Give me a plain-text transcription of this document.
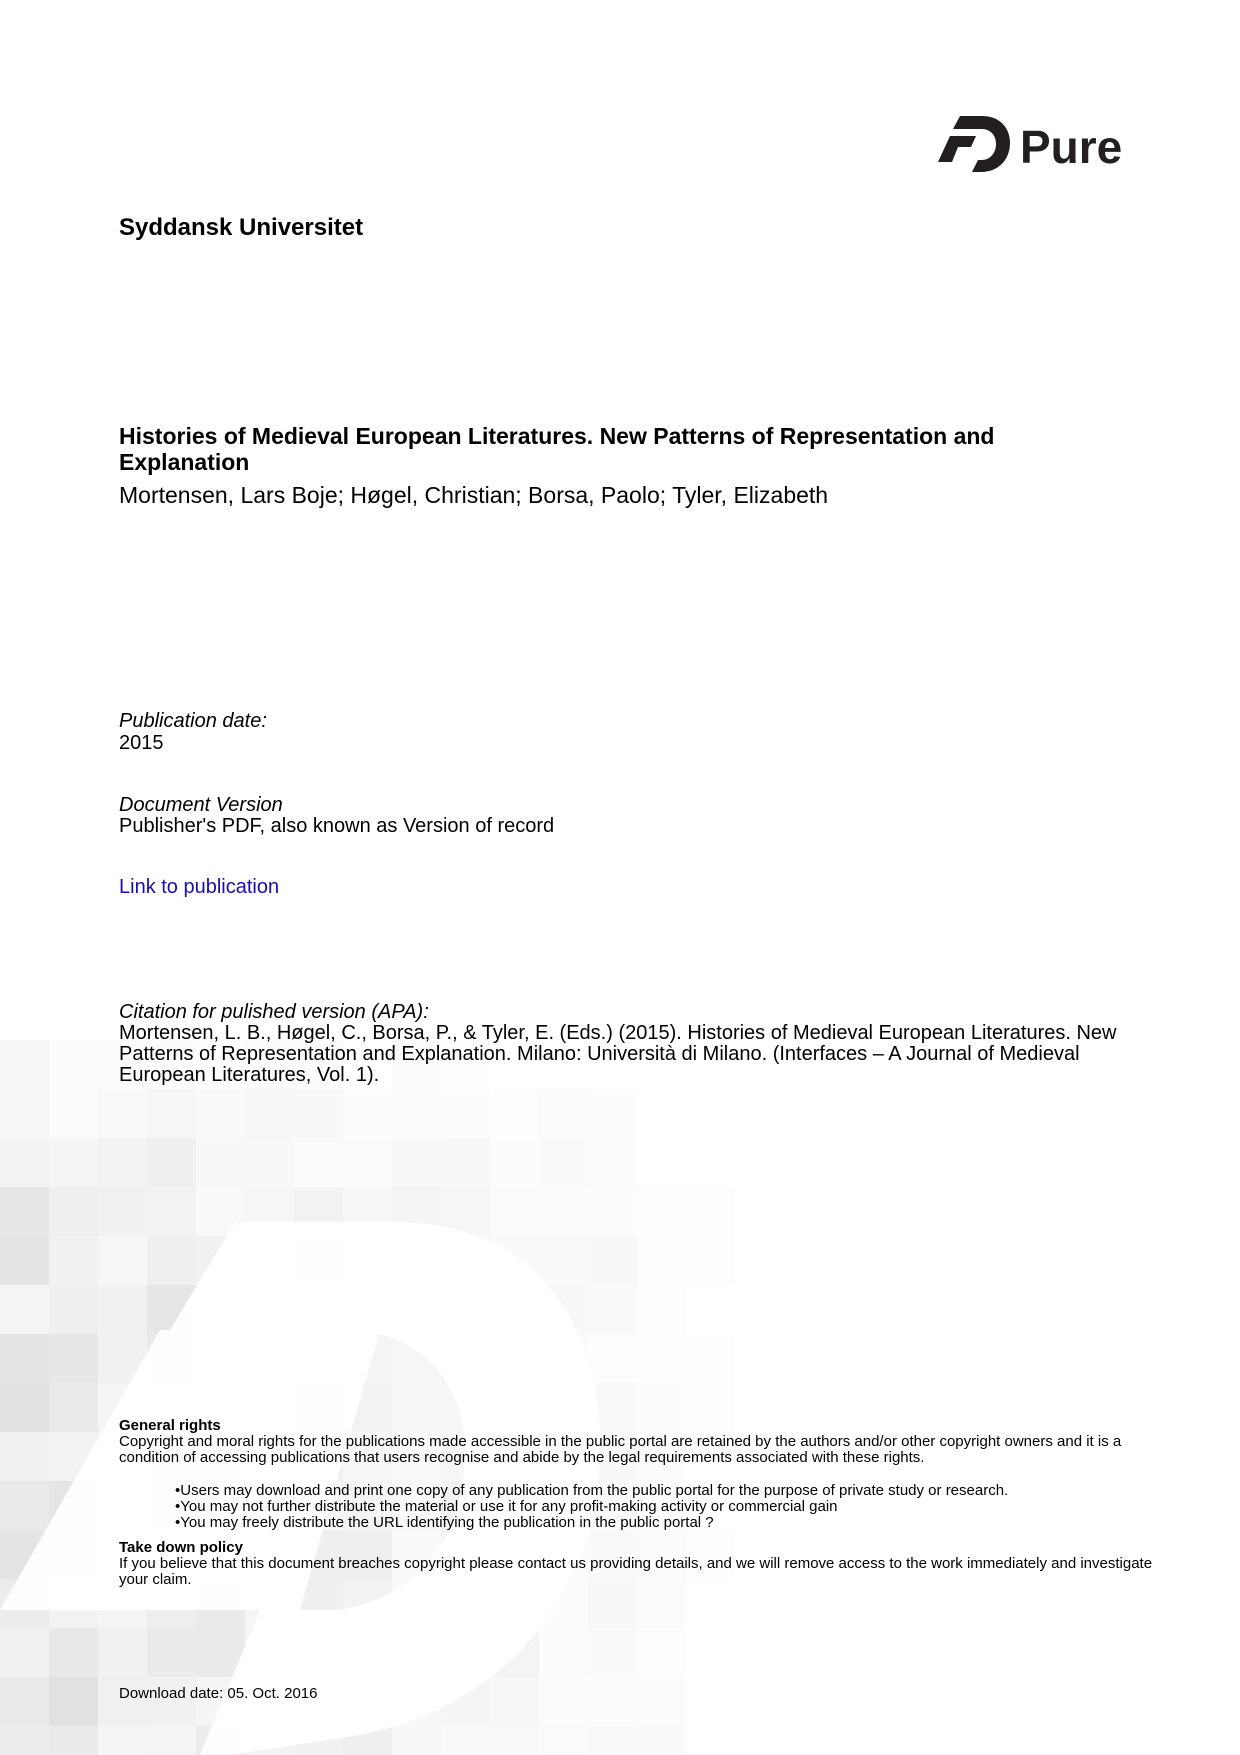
Pure
Syddansk Universitet
Histories of Medieval European Literatures. New Patterns of Representation and Explanation
Mortensen, Lars Boje; Høgel, Christian; Borsa, Paolo; Tyler, Elizabeth
Publication date:
2015
Document Version
Publisher's PDF, also known as Version of record
Link to publication
Citation for pulished version (APA):
Mortensen, L. B., Høgel, C., Borsa, P., & Tyler, E. (Eds.) (2015). Histories of Medieval European Literatures. New Patterns of Representation and Explanation. Milano: Università di Milano. (Interfaces – A Journal of Medieval European Literatures, Vol. 1).
General rights
Copyright and moral rights for the publications made accessible in the public portal are retained by the authors and/or other copyright owners and it is a condition of accessing publications that users recognise and abide by the legal requirements associated with these rights.
• Users may download and print one copy of any publication from the public portal for the purpose of private study or research.
• You may not further distribute the material or use it for any profit-making activity or commercial gain
• You may freely distribute the URL identifying the publication in the public portal ?
Take down policy
If you believe that this document breaches copyright please contact us providing details, and we will remove access to the work immediately and investigate your claim.
Download date: 05. Oct. 2016
